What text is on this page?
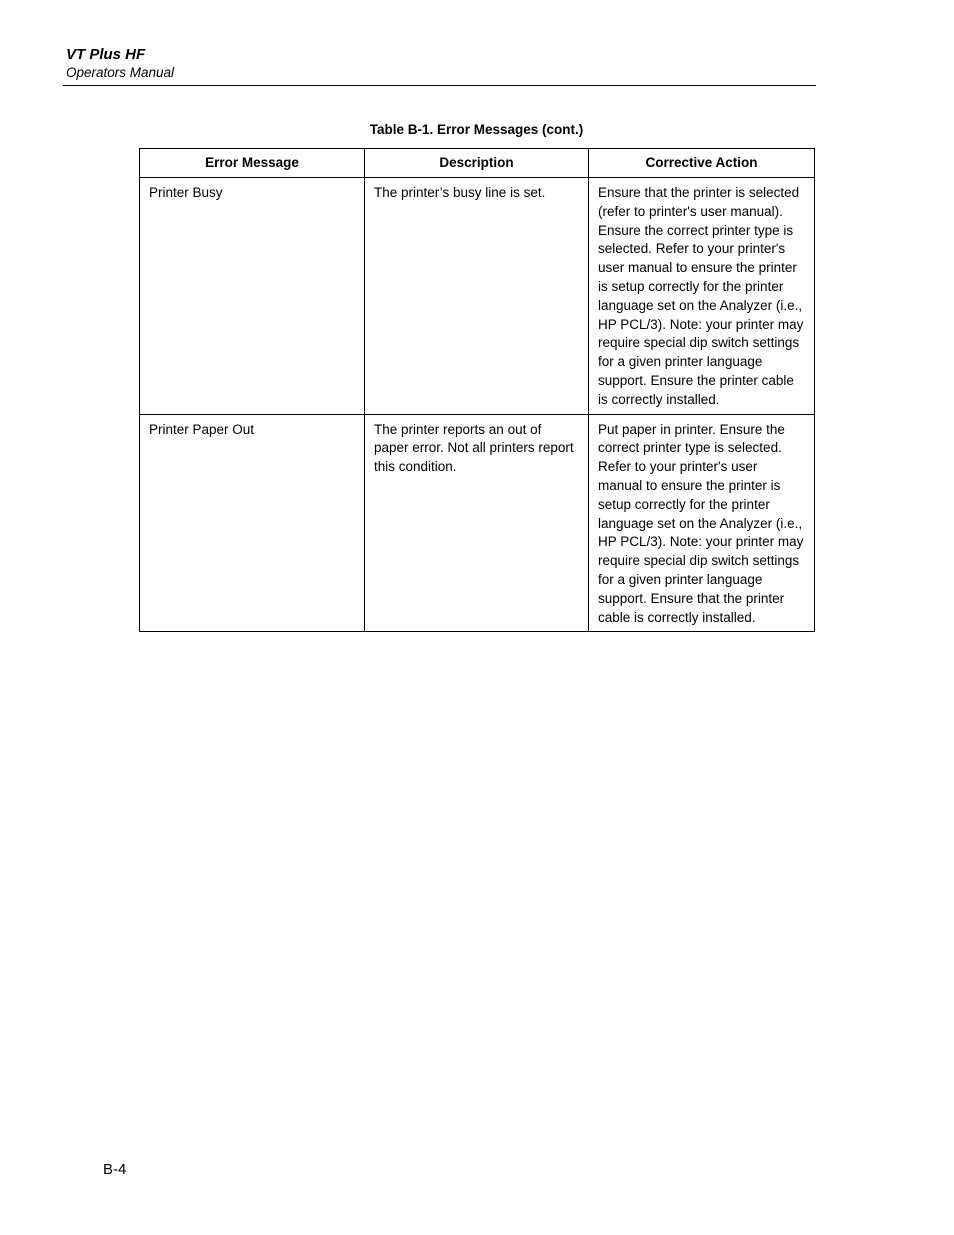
VT Plus HF
Operators Manual
Table B-1. Error Messages (cont.)
Error Message	Description	Corrective Action
Printer Busy	The printer’s busy line is set.	Ensure that the printer is selected (refer to printer's user manual). Ensure the correct printer type is selected. Refer to your printer's user manual to ensure the printer is setup correctly for the printer language set on the Analyzer (i.e., HP PCL/3). Note: your printer may require special dip switch settings for a given printer language support. Ensure the printer cable is correctly installed.
Printer Paper Out	The printer reports an out of paper error. Not all printers report this condition.	Put paper in printer. Ensure the correct printer type is selected. Refer to your printer's user manual to ensure the printer is setup correctly for the printer language set on the Analyzer (i.e., HP PCL/3). Note: your printer may require special dip switch settings for a given printer language support. Ensure that the printer cable is correctly installed.
B-4
